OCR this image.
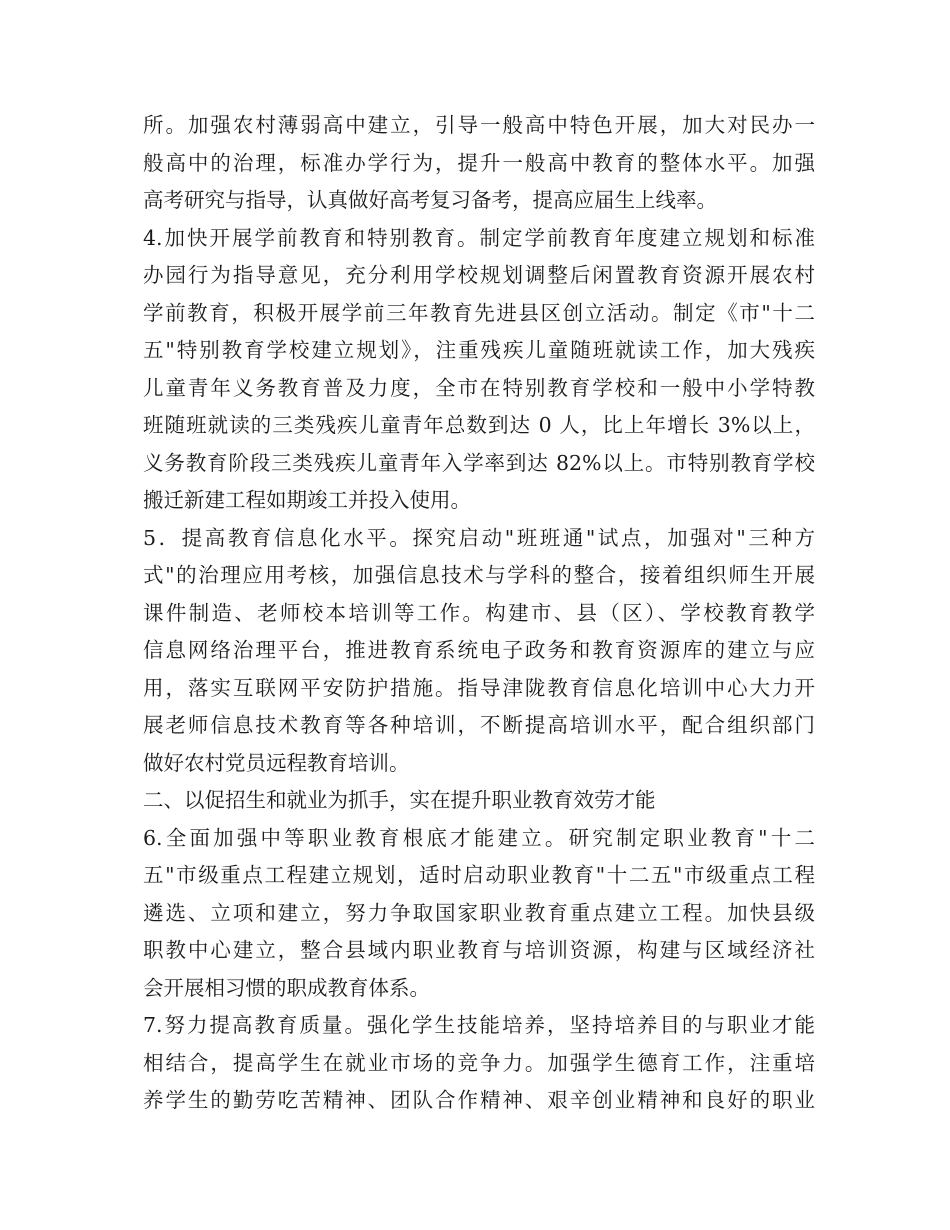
所。加强农村薄弱高中建立，引导一般高中特色开展，加大对民办一
般高中的治理，标准办学行为，提升一般高中教育的整体水平。加强
高考研究与指导，认真做好高考复习备考，提高应届生上线率。
4.加快开展学前教育和特别教育。制定学前教育年度建立规划和标准
办园行为指导意见，充分利用学校规划调整后闲置教育资源开展农村
学前教育，积极开展学前三年教育先进县区创立活动。制定《市"十二
五"特别教育学校建立规划》，注重残疾儿童随班就读工作，加大残疾
儿童青年义务教育普及力度，全市在特别教育学校和一般中小学特教
班随班就读的三类残疾儿童青年总数到达 0 人，比上年增长 3%以上，
义务教育阶段三类残疾儿童青年入学率到达 82%以上。市特别教育学校
搬迁新建工程如期竣工并投入使用。
5．提高教育信息化水平。探究启动"班班通"试点，加强对"三种方
式"的治理应用考核，加强信息技术与学科的整合，接着组织师生开展
课件制造、老师校本培训等工作。构建市、县（区）、学校教育教学
信息网络治理平台，推进教育系统电子政务和教育资源库的建立与应
用，落实互联网平安防护措施。指导津陇教育信息化培训中心大力开
展老师信息技术教育等各种培训，不断提高培训水平，配合组织部门
做好农村党员远程教育培训。
二、以促招生和就业为抓手，实在提升职业教育效劳才能
6.全面加强中等职业教育根底才能建立。研究制定职业教育"十二
五"市级重点工程建立规划，适时启动职业教育"十二五"市级重点工程
遴选、立项和建立，努力争取国家职业教育重点建立工程。加快县级
职教中心建立，整合县域内职业教育与培训资源，构建与区域经济社
会开展相习惯的职成教育体系。
7.努力提高教育质量。强化学生技能培养，坚持培养目的与职业才能
相结合，提高学生在就业市场的竞争力。加强学生德育工作，注重培
养学生的勤劳吃苦精神、团队合作精神、艰辛创业精神和良好的职业
